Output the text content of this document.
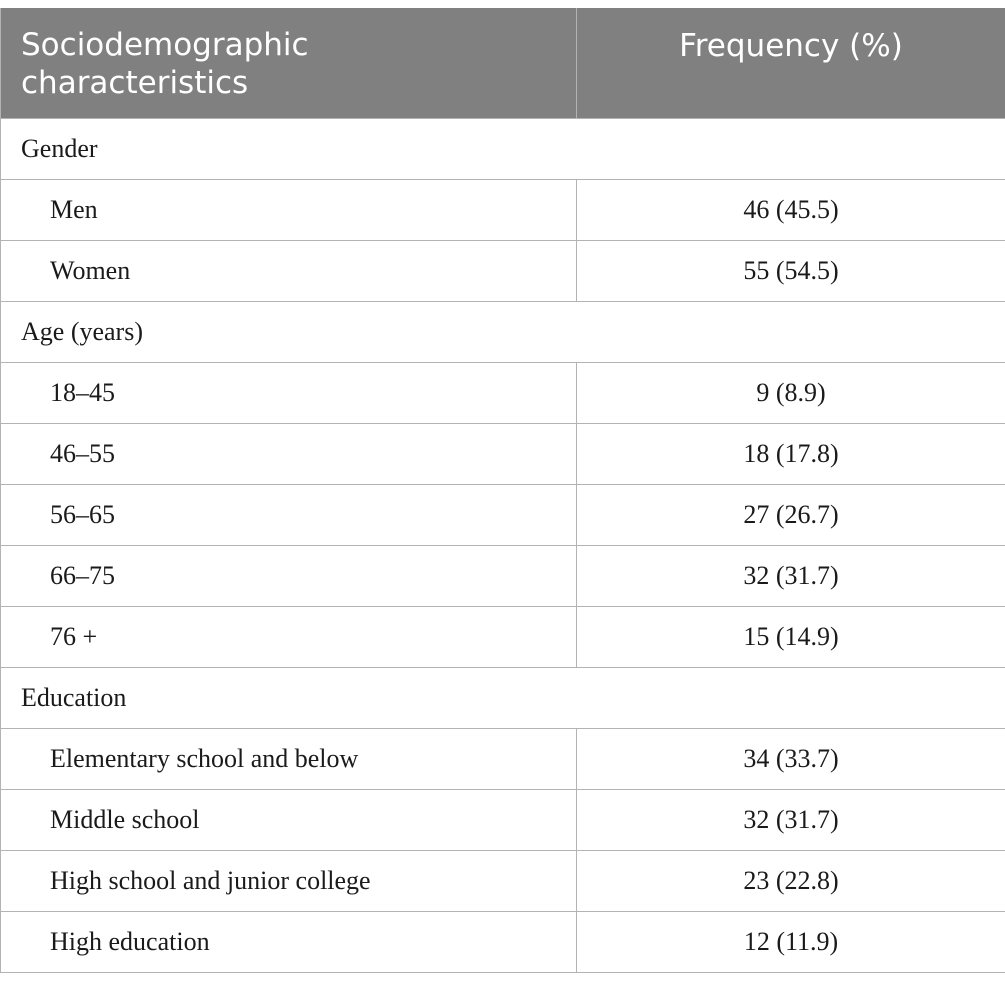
Sociodemographic characteristics	Frequency (%)
Gender	
Men	46 (45.5)
Women	55 (54.5)
Age (years)	
18–45	9 (8.9)
46–55	18 (17.8)
56–65	27 (26.7)
66–75	32 (31.7)
76 +	15 (14.9)
Education	
Elementary school and below	34 (33.7)
Middle school	32 (31.7)
High school and junior college	23 (22.8)
High education	12 (11.9)
